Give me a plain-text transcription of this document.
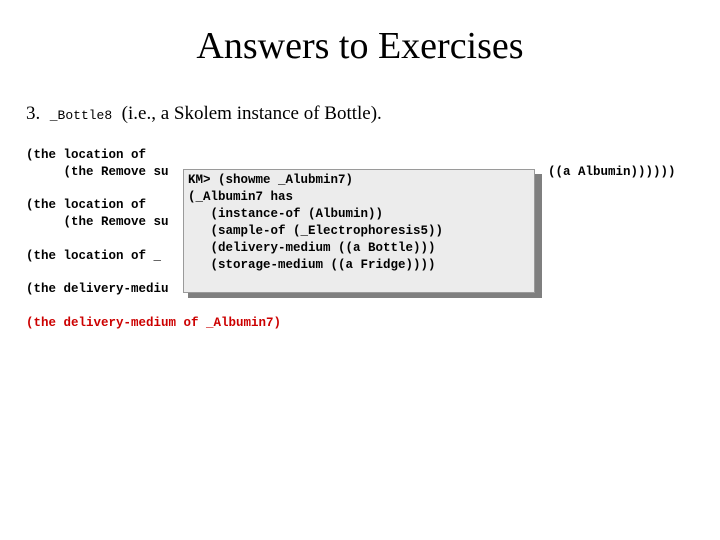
Answers to Exercises
3. _Bottle8 (i.e., a Skolem instance of Bottle).
(the location of
(the Remove su	((a Albumin))))))
(the location of
(the Remove su
(the location of _
(the delivery-mediu
(the delivery-medium of _Albumin7)
KM> (showme _Alubmin7)
(_Albumin7 has
(instance-of (Albumin))
(sample-of (_Electrophoresis5))
(delivery-medium ((a Bottle)))
(storage-medium ((a Fridge))))
